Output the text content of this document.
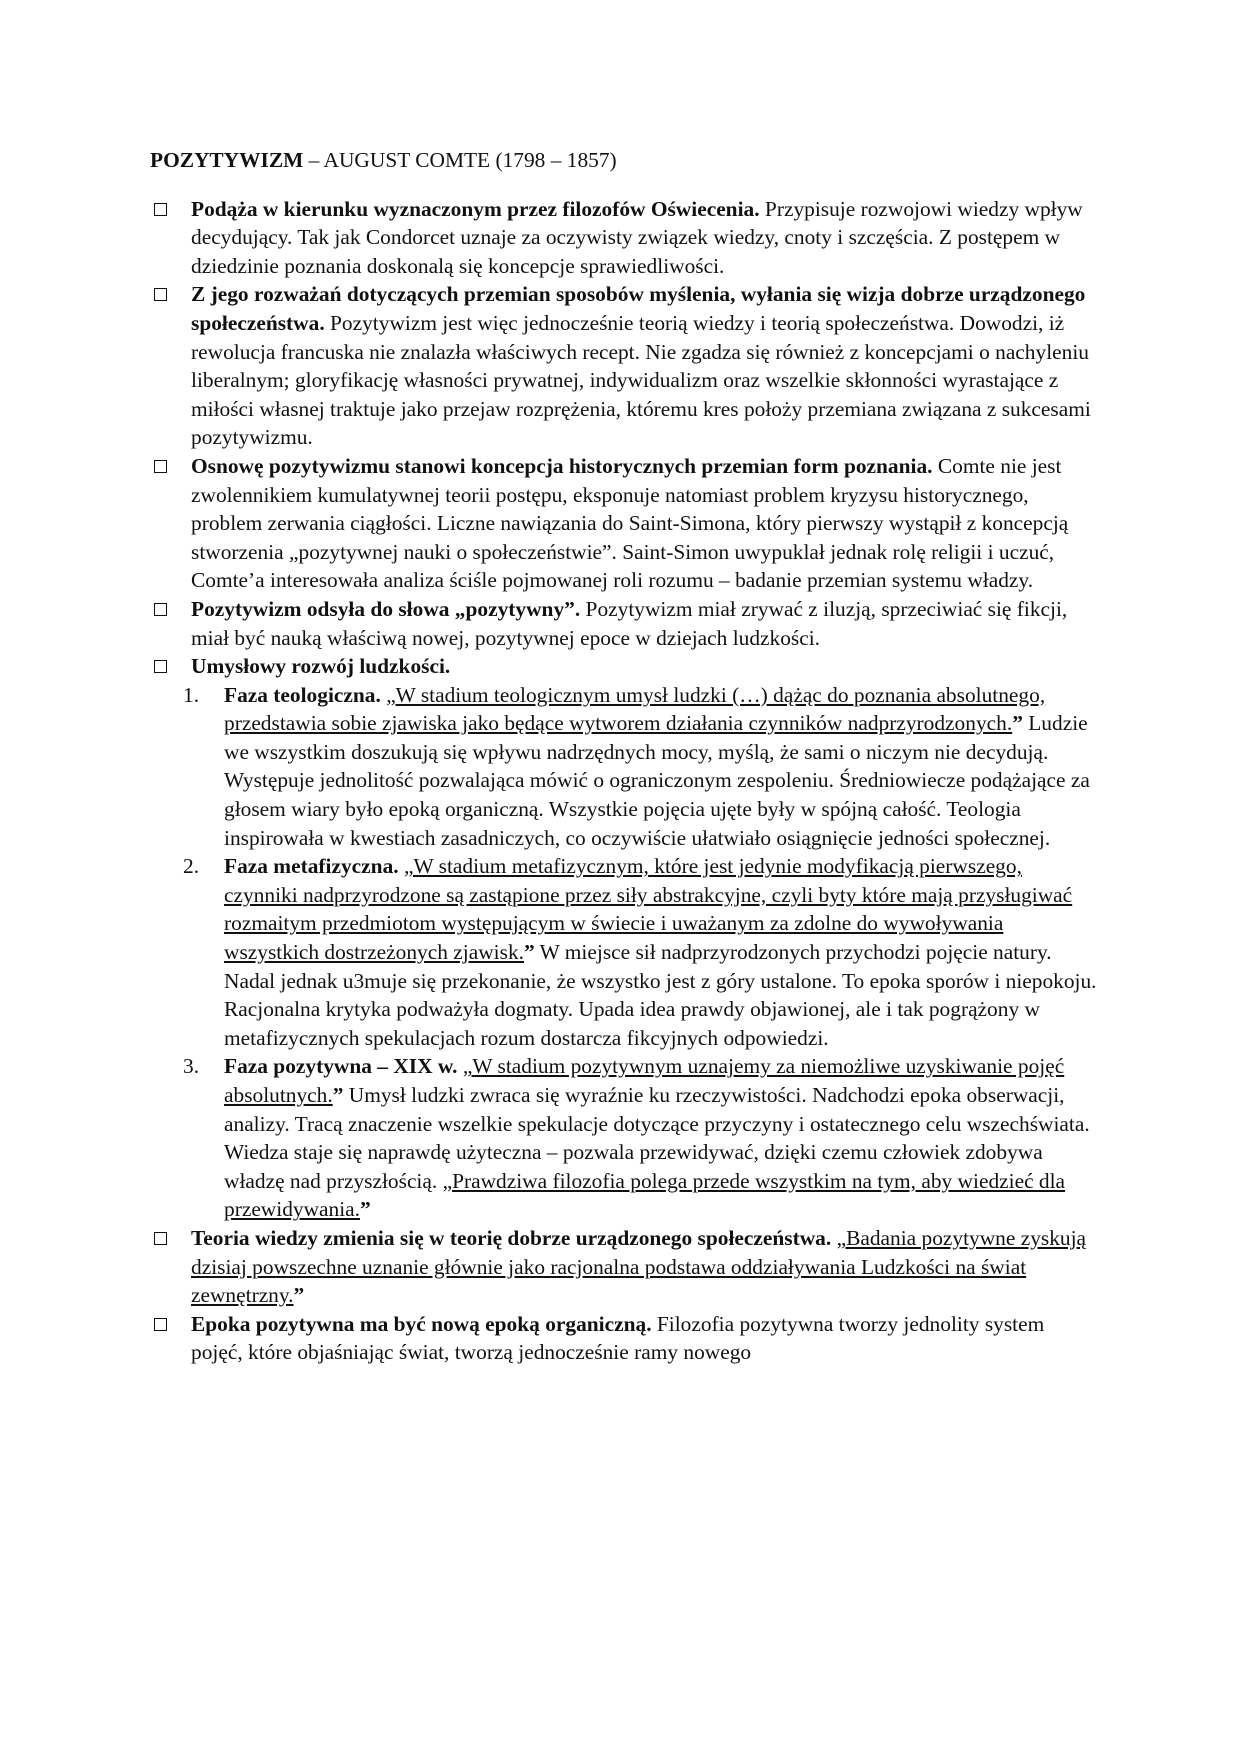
POZYTYWIZM – AUGUST COMTE (1798 – 1857)
Podąża w kierunku wyznaczonym przez filozofów Oświecenia. Przypisuje rozwojowi wiedzy wpływ decydujący. Tak jak Condorcet uznaje za oczywisty związek wiedzy, cnoty i szczęścia. Z postępem w dziedzinie poznania doskonalą się koncepcje sprawiedliwości.
Z jego rozważań dotyczących przemian sposobów myślenia, wyłania się wizja dobrze urządzonego społeczeństwa. Pozytywizm jest więc jednocześnie teorią wiedzy i teorią społeczeństwa. Dowodzi, iż rewolucja francuska nie znalazła właściwych recept. Nie zgadza się również z koncepcjami o nachyleniu liberalnym; gloryfikację własności prywatnej, indywidualizm oraz wszelkie skłonności wyrastające z miłości własnej traktuje jako przejaw rozprężenia, któremu kres położy przemiana związana z sukcesami pozytywizmu.
Osnowę pozytywizmu stanowi koncepcja historycznych przemian form poznania. Comte nie jest zwolennikiem kumulatywnej teorii postępu, eksponuje natomiast problem kryzysu historycznego, problem zerwania ciągłości. Liczne nawiązania do Saint-Simona, który pierwszy wystąpił z koncepcją stworzenia „pozytywnej nauki o społeczeństwie”. Saint-Simon uwypuklał jednak rolę religii i uczuć, Comte’a interesowała analiza ściśle pojmowanej roli rozumu – badanie przemian systemu władzy.
Pozytywizm odsyła do słowa „pozytywny”. Pozytywizm miał zrywać z iluzją, sprzeciwiać się fikcji, miał być nauką właściwą nowej, pozytywnej epoce w dziejach ludzkości.
Umysłowy rozwój ludzkości.
1.	Faza teologiczna. „W stadium teologicznym umysł ludzki (…) dążąc do poznania absolutnego, przedstawia sobie zjawiska jako będące wytworem działania czynników nadprzyrodzonych.” Ludzie we wszystkim doszukują się wpływu nadrzędnych mocy, myślą, że sami o niczym nie decydują. Występuje jednolitość pozwalająca mówić o ograniczonym zespoleniu. Średniowiecze podążające za głosem wiary było epoką organiczną. Wszystkie pojęcia ujęte były w spójną całość. Teologia inspirowała w kwestiach zasadniczych, co oczywiście ułatwiało osiągnięcie jedności społecznej.
2.	Faza metafizyczna. „W stadium metafizycznym, które jest jedynie modyfikacją pierwszego, czynniki nadprzyrodzone są zastąpione przez siły abstrakcyjne, czyli byty które mają przysługiwać rozmaitym przedmiotom występującym w świecie i uważanym za zdolne do wywoływania wszystkich dostrzeżonych zjawisk.” W miejsce sił nadprzyrodzonych przychodzi pojęcie natury. Nadal jednak u3muje się przekonanie, że wszystko jest z góry ustalone. To epoka sporów i niepokoju. Racjonalna krytyka podważyła dogmaty. Upada idea prawdy objawionej, ale i tak pogrążony w metafizycznych spekulacjach rozum dostarcza fikcyjnych odpowiedzi.
3.	Faza pozytywna – XIX w. „W stadium pozytywnym uznajemy za niemożliwe uzyskiwanie pojęć absolutnych.” Umysł ludzki zwraca się wyraźnie ku rzeczywistości. Nadchodzi epoka obserwacji, analizy. Tracą znaczenie wszelkie spekulacje dotyczące przyczyny i ostatecznego celu wszechświata. Wiedza staje się naprawdę użyteczna – pozwala przewidywać, dzięki czemu człowiek zdobywa władzę nad przyszłością. „Prawdziwa filozofia polega przede wszystkim na tym, aby wiedzieć dla przewidywania.”
Teoria wiedzy zmienia się w teorię dobrze urządzonego społeczeństwa. „Badania pozytywne zyskują dzisiaj powszechne uznanie głównie jako racjonalna podstawa oddziaływania Ludzkości na świat zewnętrzny.”
Epoka pozytywna ma być nową epoką organiczną. Filozofia pozytywna tworzy jednolity system pojęć, które objaśniając świat, tworzą jednocześnie ramy nowego
